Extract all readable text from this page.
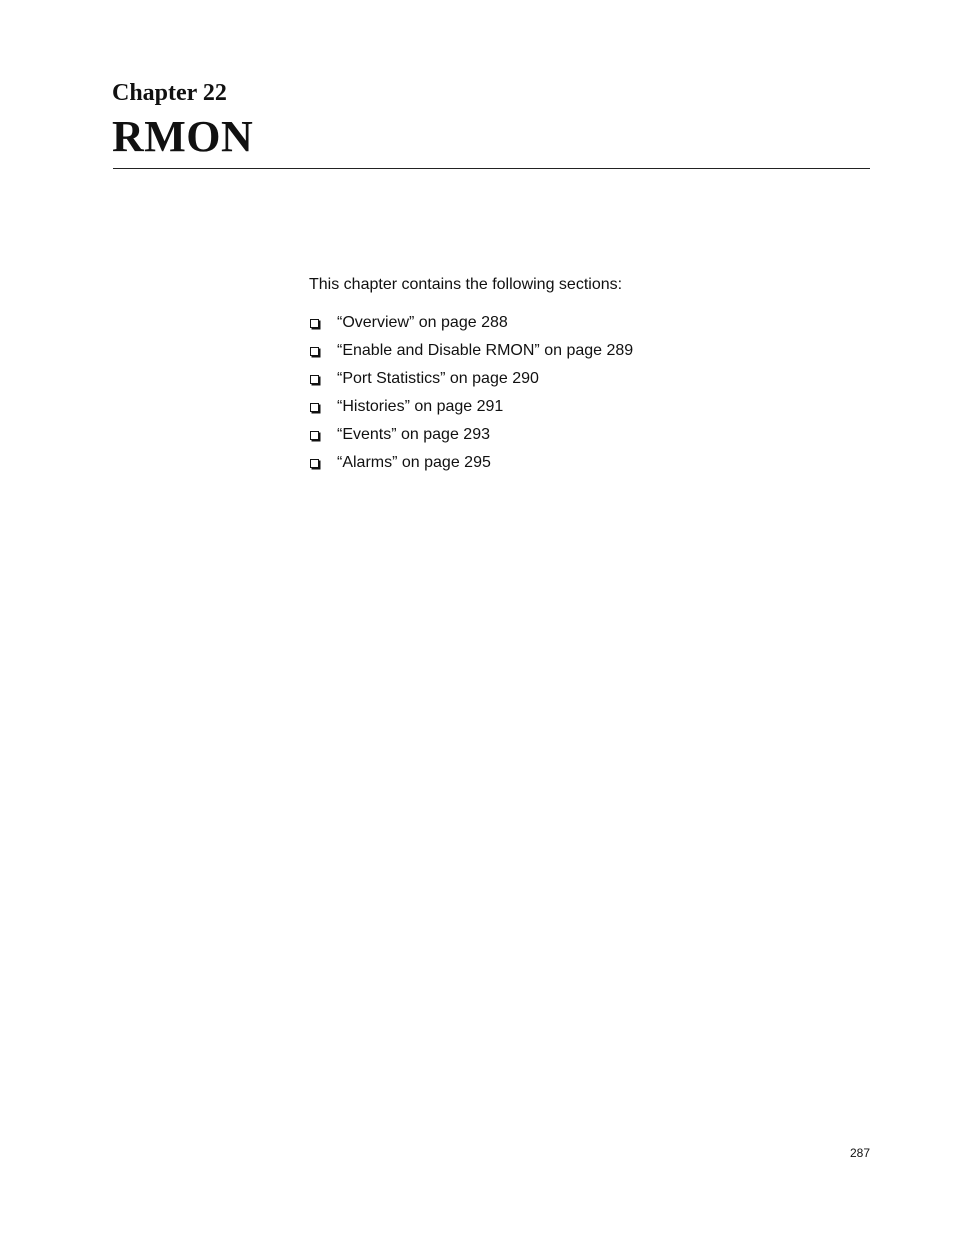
Chapter 22
RMON

This chapter contains the following sections:

“Overview” on page 288
“Enable and Disable RMON” on page 289
“Port Statistics” on page 290
“Histories” on page 291
“Events” on page 293
“Alarms” on page 295

287
